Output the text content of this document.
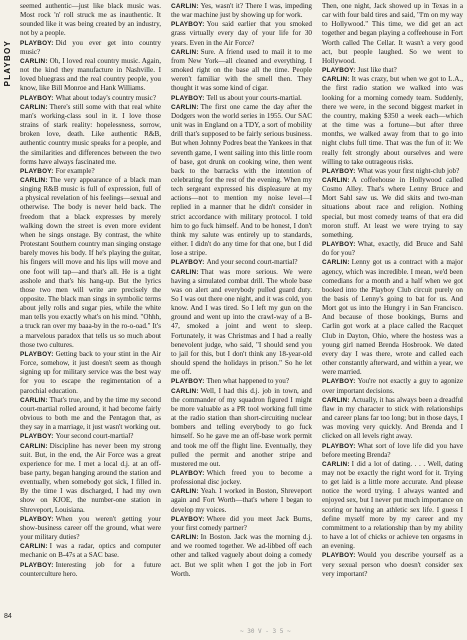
PLAYBOY
84

seemed authentic—just like black music was. Most rock 'n' roll struck me as inauthentic. It sounded like it was being created by an industry, not by a people.

PLAYBOY: Did you ever get into country music?

CARLIN: Oh, I loved real country music. Again, not the kind they manufacture in Nashville. I loved bluegrass and the real country people, you know, like Bill Monroe and Hank Williams.

PLAYBOY: What about today's country music?

CARLIN: There's still some with that real white man's working-class soul in it. I love those strains of stark reality: hopelessness, sorrow, broken love, death. Like authentic R&B, authentic country music speaks for a people, and the similarities and differences between the two forms have always fascinated me.

PLAYBOY: For example?

CARLIN: The very appearance of a black man singing R&B music is full of expression, full of a physical revelation of his feelings—sexual and otherwise. The body is never held back. The freedom that a black expresses by merely walking down the street is even more evident when he sings onstage. By contrast, the white Protestant Southern country man singing onstage barely moves his body. If he's playing the guitar, his fingers will move and his lips will move and one foot will tap—and that's all. He is a tight asshole and that's his hang-up. But the lyrics those two men will write are precisely the opposite. The black man sings in symbolic terms about jelly rolls and sugar pies, while the white man tells you exactly what's on his mind. "Ohhh, a truck ran over my baaa-by in the ro-o-oad." It's a marvelous paradox that tells us so much about those two cultures.

PLAYBOY: Getting back to your stint in the Air Force, somehow, it just doesn't seem as though signing up for military service was the best way for you to escape the regimentation of a parochial education.

CARLIN: That's true, and by the time my second court-martial rolled around, it had become fairly obvious to both me and the Pentagon that, as they say in a marriage, it just wasn't working out.

PLAYBOY: Your second court-martial?

CARLIN: Discipline has never been my strong suit. But, in the end, the Air Force was a great experience for me. I met a local d.j. at an off-base party, began hanging around the station and eventually, when somebody got sick, I filled in. By the time I was discharged, I had my own show on KJOE, the number-one station in Shreveport, Louisiana.

PLAYBOY: When you weren't getting your show-business career off the ground, what were your military duties?

CARLIN: I was a radar, optics and computer mechanic on B-47s at a SAC base.

PLAYBOY: Interesting job for a future counterculture hero.

CARLIN: Yes, wasn't it? There I was, impeding the war machine just by showing up for work.

PLAYBOY: You said earlier that you smoked grass virtually every day of your life for 30 years. Even in the Air Force?

CARLIN: Sure. A friend used to mail it to me from New York—all cleaned and everything. I smoked right on the base all the time. People weren't familiar with the smell then. They thought it was some kind of cigar.

PLAYBOY: Tell us about your courts-martial.

CARLIN: The first one came the day after the Dodgers won the world series in 1955. Our SAC unit was in England on a TDY, a sort of mobility drill that's supposed to be fairly serious business. But when Johnny Podres beat the Yankees in that seventh game, I went sailing into this little room of base, got drunk on cooking wine, then went back to the barracks with the intention of celebrating for the rest of the evening. When my tech sergeant expressed his displeasure at my actions—not to mention my noise level—I replied in a manner that he didn't consider in strict accordance with military protocol. I told him to go fuck himself. And to be honest, I don't think my salute was entirely up to standards, either. I didn't do any time for that one, but I did lose a stripe.

PLAYBOY: And your second court-martial?

CARLIN: That was more serious. We were having a simulated combat drill. The whole base was on alert and everybody pulled guard duty. So I was out there one night, and it was cold, you know. And I was tired. So I left my gun on the ground and went up into the crawl-way of a B-47, smoked a joint and went to sleep. Fortunately, it was Christmas and I had a really benevolent judge, who said, "I should send you to jail for this, but I don't think any 18-year-old should spend the holidays in prison." So he let me off.

PLAYBOY: Then what happened to you?

CARLIN: Well, I had this d.j. job in town, and the commander of my squadron figured I might be more valuable as a PR tool working full time at the radio station than short-circuiting nuclear bombers and telling everybody to go fuck himself. So he gave me an off-base work permit and took me off the flight line. Eventually, they pulled the permit and another stripe and mustered me out.

PLAYBOY: Which freed you to become a professional disc jockey.

CARLIN: Yeah. I worked in Boston, Shreveport again and Fort Worth—that's where I began to develop my voices.

PLAYBOY: Where did you meet Jack Burns, your first comedy partner?

CARLIN: In Boston. Jack was the morning d.j. and we roomed together. We ad-libbed off each other and talked vaguely about doing a comedy act. But we split when I got the job in Fort Worth.

Then, one night, Jack showed up in Texas in a car with four bald tires and said, "I'm on my way to Hollywood." This time, we did get an act together and began playing a coffeehouse in Fort Worth called The Cellar. It wasn't a very good act, but people laughed. So we went to Hollywood.

PLAYBOY: Just like that?

CARLIN: It was crazy, but when we got to L.A., the first radio station we walked into was looking for a morning comedy team. Suddenly, there we were, in the second biggest market in the country, making $350 a week each—which at the time was a fortune—but after three months, we walked away from that to go into night clubs full time. That was the fun of it: We really felt strongly about ourselves and were willing to take outrageous risks.

PLAYBOY: What was your first night-club job?

CARLIN: A coffeehouse in Hollywood called Cosmo Alley. That's where Lenny Bruce and Mort Sahl saw us. We did skits and two-man situations about race and religion. Nothing special, but most comedy teams of that era did moron stuff. At least we were trying to say something.

PLAYBOY: What, exactly, did Bruce and Sahl do for you?

CARLIN: Lenny got us a contract with a major agency, which was incredible. I mean, we'd been comedians for a month and a half when we got booked into the Playboy Club circuit purely on the basis of Lenny's going to bat for us. And Mort got us into the Hungry i in San Francisco. And because of those bookings, Burns and Carlin got work at a place called the Racquet Club in Dayton, Ohio, where the hostess was a young girl named Brenda Hosbrook. We dated every day I was there, wrote and called each other constantly afterward, and within a year, we were married.

PLAYBOY: You're not exactly a guy to agonize over important decisions.

CARLIN: Actually, it has always been a dreadful flaw in my character to stick with relationships and career plans far too long; but in those days, I was moving very quickly. And Brenda and I clicked on all levels right away.

PLAYBOY: What sort of love life did you have before meeting Brenda?

CARLIN: I did a lot of dating. . . . Well, dating may not be exactly the right word for it. Trying to get laid is a little more accurate. And please notice the word trying. I always wanted and enjoyed sex, but I never put much importance on scoring or having an athletic sex life. I guess I define myself more by my career and my commitment to a relationship than by my ability to have a lot of chicks or achieve ten orgasms in an evening.

PLAYBOY: Would you describe yourself as a very sexual person who doesn't consider sex very important?

~ 30 V - 3 5 ~
